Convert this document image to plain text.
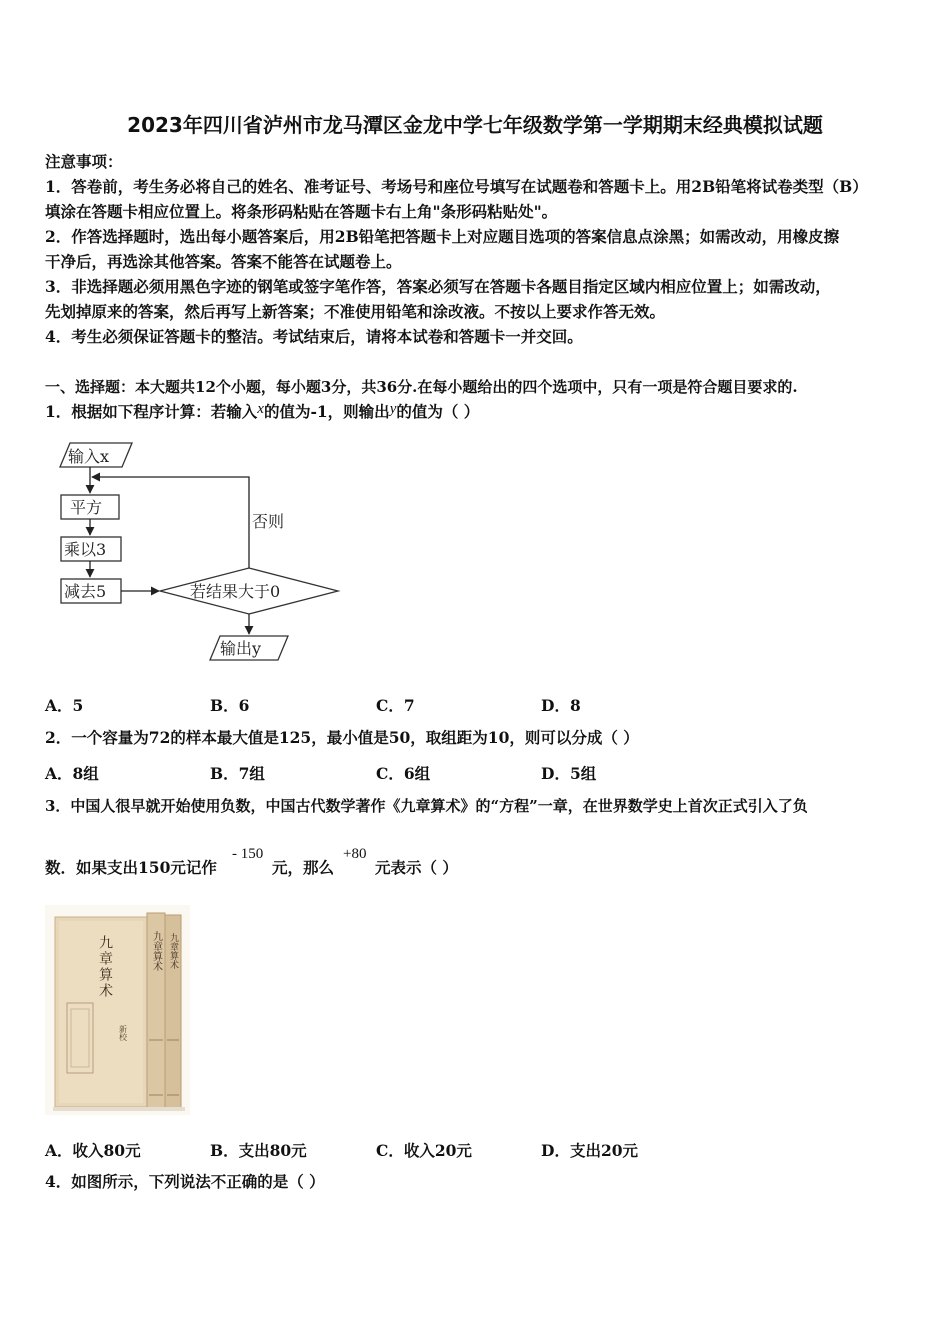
2023年四川省泸州市龙马潭区金龙中学七年级数学第一学期期末经典模拟试题
注意事项：
1．答卷前，考生务必将自己的姓名、准考证号、考场号和座位号填写在试题卷和答题卡上。用2B铅笔将试卷类型（B）
填涂在答题卡相应位置上。将条形码粘贴在答题卡右上角"条形码粘贴处"。
2．作答选择题时，选出每小题答案后，用2B铅笔把答题卡上对应题目选项的答案信息点涂黑；如需改动，用橡皮擦
干净后，再选涂其他答案。答案不能答在试题卷上。
3．非选择题必须用黑色字迹的钢笔或签字笔作答，答案必须写在答题卡各题目指定区域内相应位置上；如需改动，
先划掉原来的答案，然后再写上新答案；不准使用铅笔和涂改液。不按以上要求作答无效。
4．考生必须保证答题卡的整洁。考试结束后，请将本试卷和答题卡一并交回。
一、选择题：本大题共12个小题，每小题3分，共36分.在每小题给出的四个选项中，只有一项是符合题目要求的.
1．根据如下程序计算：若输入x的值为-1，则输出y的值为（ ）
输入x
平方
乘以3
减去5	若结果大于0
否则
输出y
A．5	B．6	C．7	D．8
2．一个容量为72的样本最大值是125，最小值是50，取组距为10，则可以分成（ ）
A．8组	B．7组	C．6组	D．5组
3．中国人很早就开始使用负数，中国古代数学著作《九章算术》的“方程”一章，在世界数学史上首次正式引入了负
数．如果支出150元记作
- 150
元，那么
+80
元表示（ ）
九章算术
新校
九章算术 九章算术
A．收入80元	B．支出80元	C．收入20元	D．支出20元
4．如图所示，下列说法不正确的是（ ）
